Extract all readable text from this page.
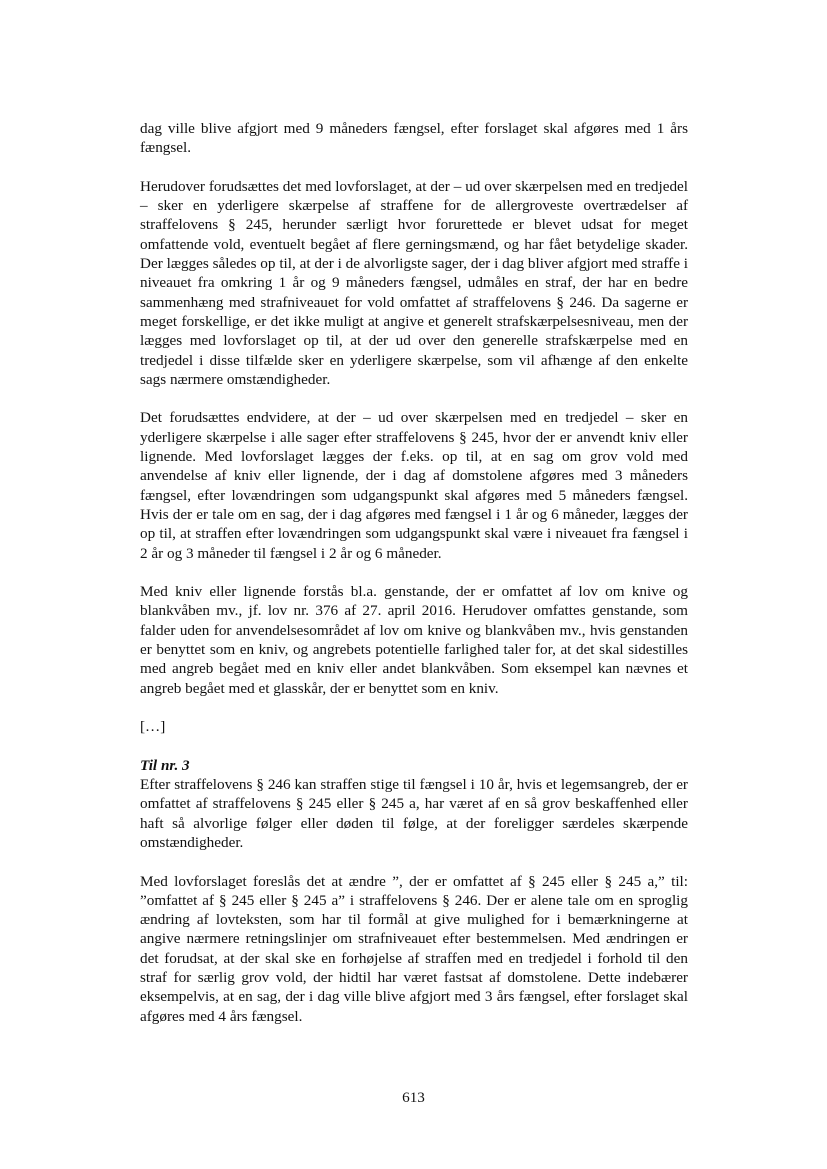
dag ville blive afgjort med 9 måneders fængsel, efter forslaget skal afgøres med 1 års fængsel.

Herudover forudsættes det med lovforslaget, at der – ud over skærpelsen med en tredjedel – sker en yderligere skærpelse af straffene for de allergroveste overtrædelser af straffelovens § 245, herunder særligt hvor forurettede er blevet udsat for meget omfattende vold, eventuelt begået af flere gerningsmænd, og har fået betydelige skader. Der lægges således op til, at der i de alvorligste sager, der i dag bliver afgjort med straffe i niveauet fra omkring 1 år og 9 måneders fængsel, udmåles en straf, der har en bedre sammenhæng med strafniveauet for vold omfattet af straffelovens § 246. Da sagerne er meget forskellige, er det ikke muligt at angive et generelt strafskærpelsesniveau, men der lægges med lovforslaget op til, at der ud over den generelle strafskærpelse med en tredjedel i disse tilfælde sker en yderligere skærpelse, som vil afhænge af den enkelte sags nærmere omstændigheder.

Det forudsættes endvidere, at der – ud over skærpelsen med en tredjedel – sker en yderligere skærpelse i alle sager efter straffelovens § 245, hvor der er anvendt kniv eller lignende. Med lovforslaget lægges der f.eks. op til, at en sag om grov vold med anvendelse af kniv eller lignende, der i dag af domstolene afgøres med 3 måneders fængsel, efter lovændringen som udgangspunkt skal afgøres med 5 måneders fængsel. Hvis der er tale om en sag, der i dag afgøres med fængsel i 1 år og 6 måneder, lægges der op til, at straffen efter lovændringen som udgangspunkt skal være i niveauet fra fængsel i 2 år og 3 måneder til fængsel i 2 år og 6 måneder.

Med kniv eller lignende forstås bl.a. genstande, der er omfattet af lov om knive og blankvåben mv., jf. lov nr. 376 af 27. april 2016. Herudover omfattes genstande, som falder uden for anvendelsesområdet af lov om knive og blankvåben mv., hvis genstanden er benyttet som en kniv, og angrebets potentielle farlighed taler for, at det skal sidestilles med angreb begået med en kniv eller andet blankvåben. Som eksempel kan nævnes et angreb begået med et glasskår, der er benyttet som en kniv.

[…]

Til nr. 3

Efter straffelovens § 246 kan straffen stige til fængsel i 10 år, hvis et legemsangreb, der er omfattet af straffelovens § 245 eller § 245 a, har været af en så grov beskaffenhed eller haft så alvorlige følger eller døden til følge, at der foreligger særdeles skærpende omstændigheder.

Med lovforslaget foreslås det at ændre ”, der er omfattet af § 245 eller § 245 a,” til: ”omfattet af § 245 eller § 245 a” i straffelovens § 246. Der er alene tale om en sproglig ændring af lovteksten, som har til formål at give mulighed for i bemærkningerne at angive nærmere retningslinjer om strafniveauet efter bestemmelsen. Med ændringen er det forudsat, at der skal ske en forhøjelse af straffen med en tredjedel i forhold til den straf for særlig grov vold, der hidtil har været fastsat af domstolene. Dette indebærer eksempelvis, at en sag, der i dag ville blive afgjort med 3 års fængsel, efter forslaget skal afgøres med 4 års fængsel.

613
